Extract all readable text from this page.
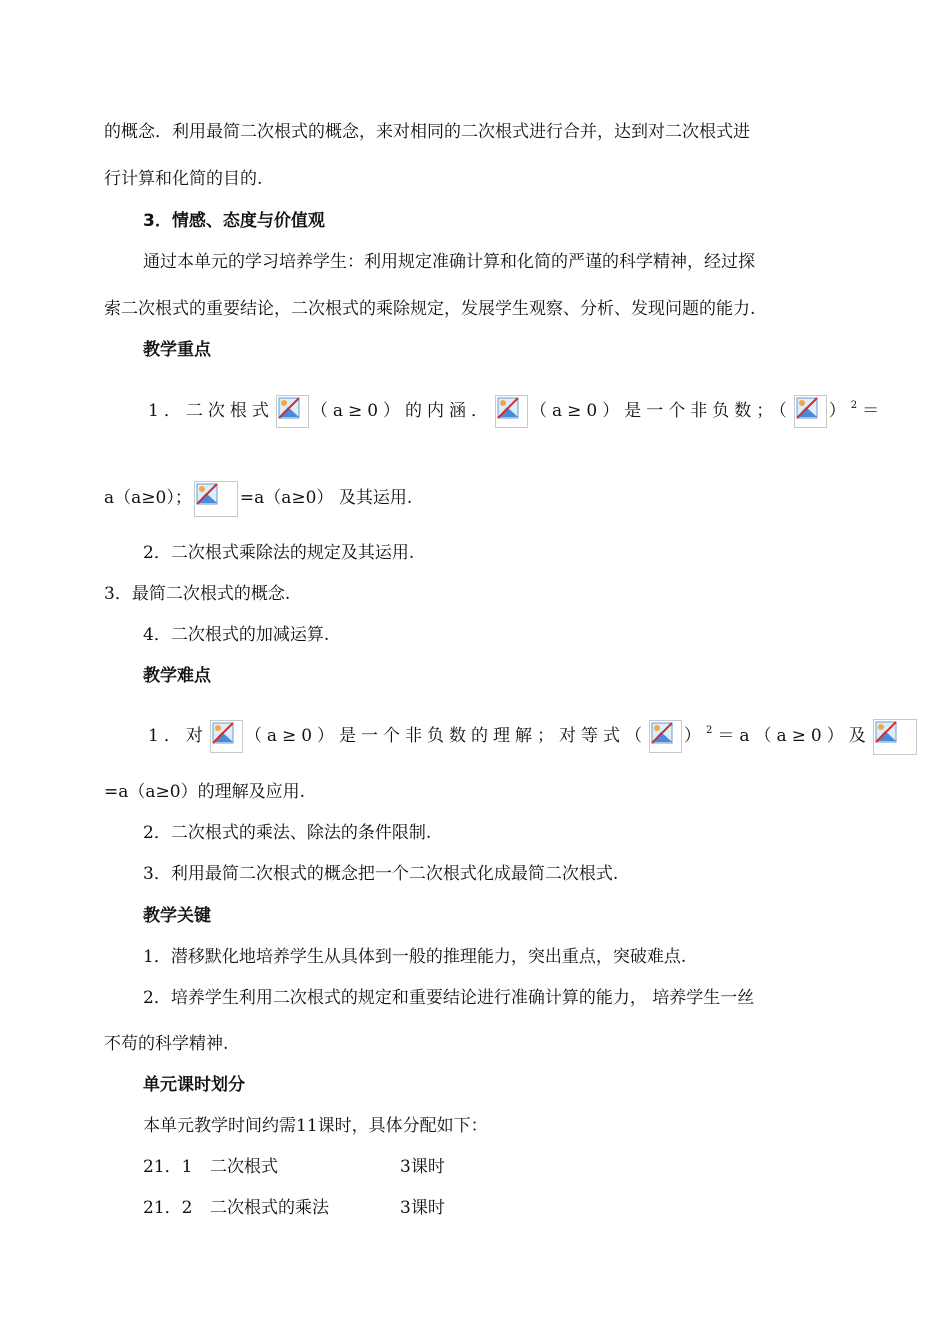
的概念．利用最简二次根式的概念，来对相同的二次根式进行合并，达到对二次根式进
行计算和化简的目的.
3．情感、态度与价值观
通过本单元的学习培养学生：利用规定准确计算和化简的严谨的科学精神，经过探
索二次根式的重要结论，二次根式的乘除规定，发展学生观察、分析、发现问题的能力.
教学重点
1．二次根式 （a≥0）的内涵． （a≥0）是一个非负数；（ ）$^2$＝
a（a≥0）；	=a（a≥0） 及其运用.
2．二次根式乘除法的规定及其运用.
3．最简二次根式的概念.
4．二次根式的加减运算.
教学难点
1．对 （a≥0）是一个非负数的理解；对等式（ ）$^2$＝a（a≥0）及
=a（a≥0）的理解及应用.
2．二次根式的乘法、除法的条件限制.
3．利用最简二次根式的概念把一个二次根式化成最简二次根式.
教学关键
1．潜移默化地培养学生从具体到一般的推理能力，突出重点，突破难点.
2．培养学生利用二次根式的规定和重要结论进行准确计算的能力， 培养学生一丝
不苟的科学精神.
单元课时划分
本单元教学时间约需11课时，具体分配如下：
21．1 二次根式	3课时
21．2 二次根式的乘法	3课时
